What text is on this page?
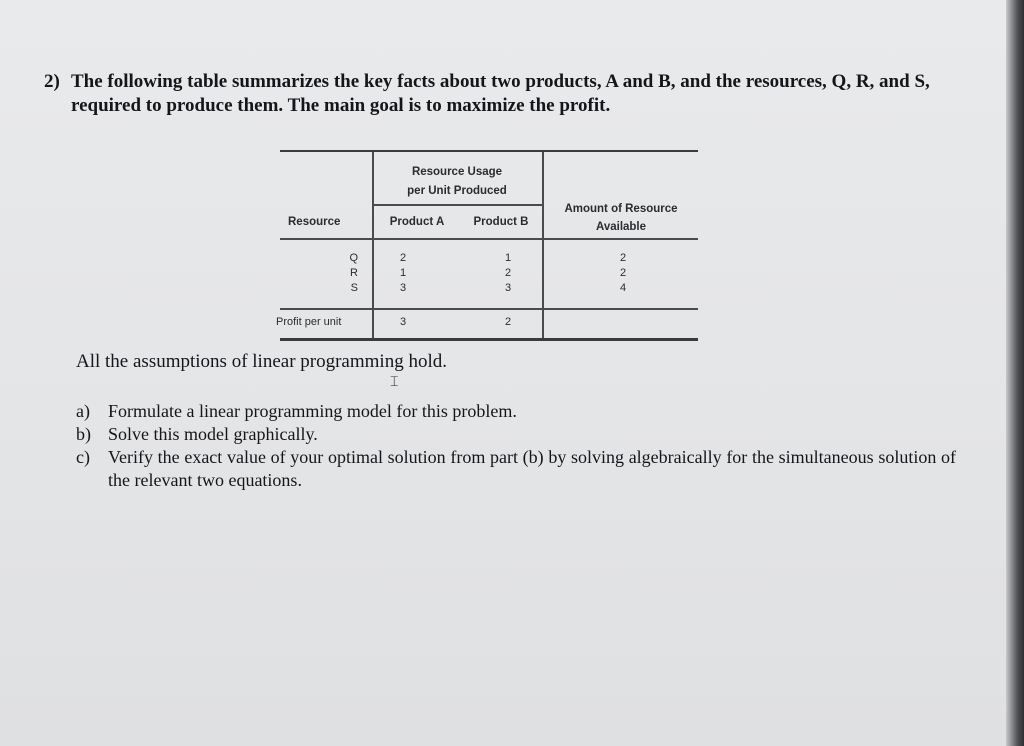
2) The following table summarizes the key facts about two products, A and B, and the resources, Q, R, and S, required to produce them. The main goal is to maximize the profit.
Resource Usage
per Unit Produced
Resource	Product A	Product B
Amount of Resource
Available
Q	2	1	2
R	1	2	2
S	3	3	4
Profit per unit	3	2
All the assumptions of linear programming hold.
⌶
a) Formulate a linear programming model for this problem.
b) Solve this model graphically.
c) Verify the exact value of your optimal solution from part (b) by solving algebraically for the simultaneous solution of the relevant two equations.
